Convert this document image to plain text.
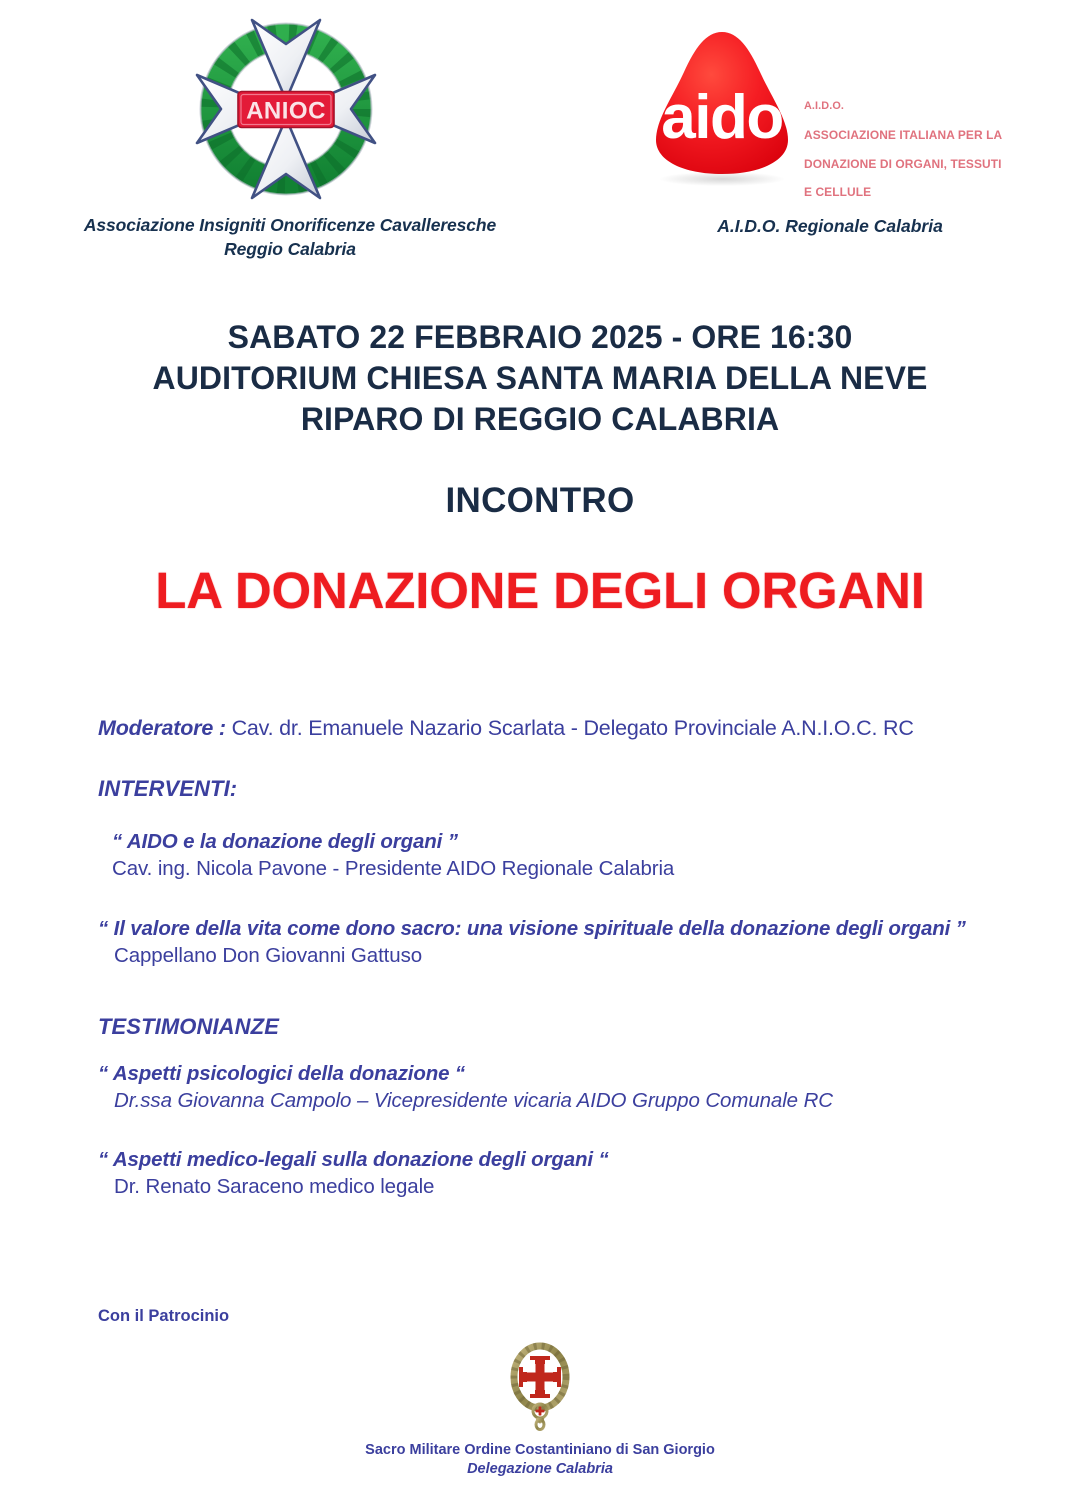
ANIOC
Associazione Insigniti Onorificenze Cavalleresche
Reggio Calabria
aido A.I.D.O.

ASSOCIAZIONE ITALIANA PER LA

DONAZIONE DI ORGANI, TESSUTI

E CELLULE

A.I.D.O. Regionale Calabria
SABATO 22 FEBBRAIO 2025 - ORE 16:30
AUDITORIUM CHIESA SANTA MARIA DELLA NEVE
RIPARO DI REGGIO CALABRIA
INCONTRO
LA DONAZIONE DEGLI ORGANI
Moderatore : Cav. dr. Emanuele Nazario Scarlata - Delegato Provinciale A.N.I.O.C. RC
INTERVENTI:
“ AIDO e la donazione degli organi ”
Cav. ing. Nicola Pavone - Presidente AIDO Regionale Calabria
“ Il valore della vita come dono sacro: una visione spirituale della donazione degli organi ”
Cappellano Don Giovanni Gattuso
TESTIMONIANZE
“ Aspetti psicologici della donazione “
Dr.ssa Giovanna Campolo – Vicepresidente vicaria AIDO Gruppo Comunale RC
“ Aspetti medico-legali sulla donazione degli organi “
Dr. Renato Saraceno medico legale
Con il Patrocinio
Sacro Militare Ordine Costantiniano di San Giorgio
Delegazione Calabria
